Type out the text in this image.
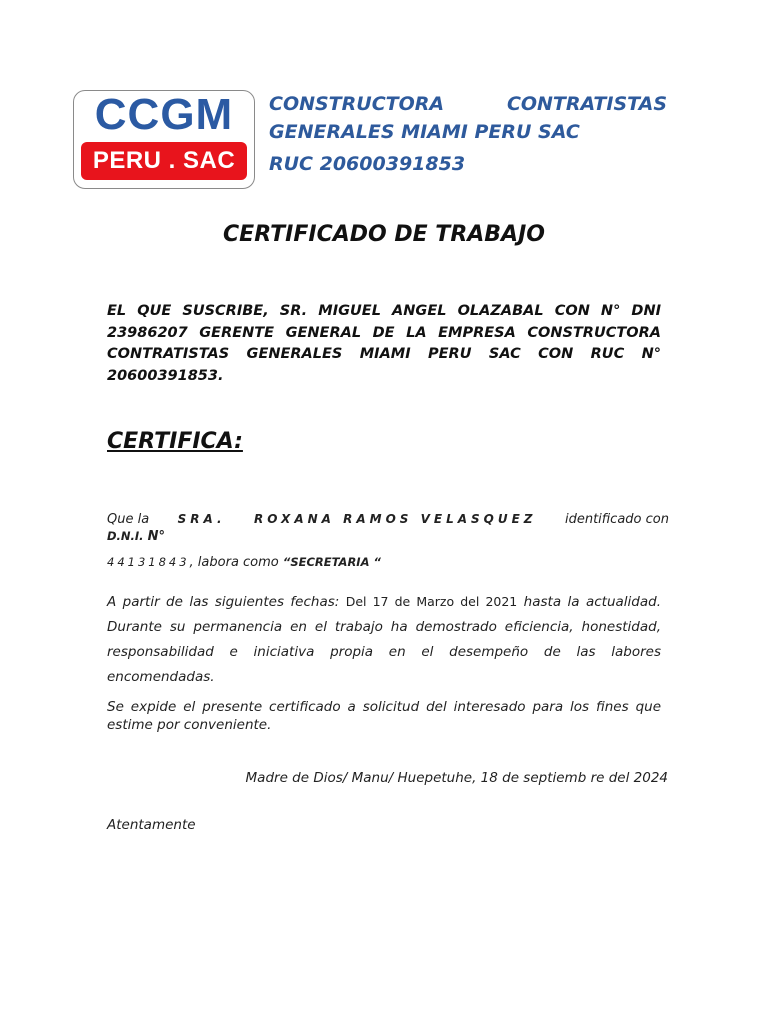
CCGM
PERU . SAC
CONSTRUCTORA	CONTRATISTAS
GENERALES MIAMI PERU SAC
RUC 20600391853
CERTIFICADO DE TRABAJO
EL QUE SUSCRIBE, SR. MIGUEL ANGEL OLAZABAL CON N° DNI 23986207 GERENTE GENERAL DE LA EMPRESA CONSTRUCTORA CONTRATISTAS GENERALES MIAMI PERU SAC CON RUC N° 20600391853.
CERTIFICA:
Que la SRA. ROXANA RAMOS VELASQUEZ identificado con
D.N.I. N°
44131843, labora como “SECRETARIA “
A partir de las siguientes fechas: Del 17 de Marzo del 2021 hasta la actualidad. Durante su permanencia en el trabajo ha demostrado eficiencia, honestidad, responsabilidad e iniciativa propia en el desempeño de las labores encomendadas.
Se expide el presente certificado a solicitud del interesado para los fines que estime por conveniente.
Madre de Dios/ Manu/ Huepetuhe, 18 de septiemb re del 2024
Atentamente
